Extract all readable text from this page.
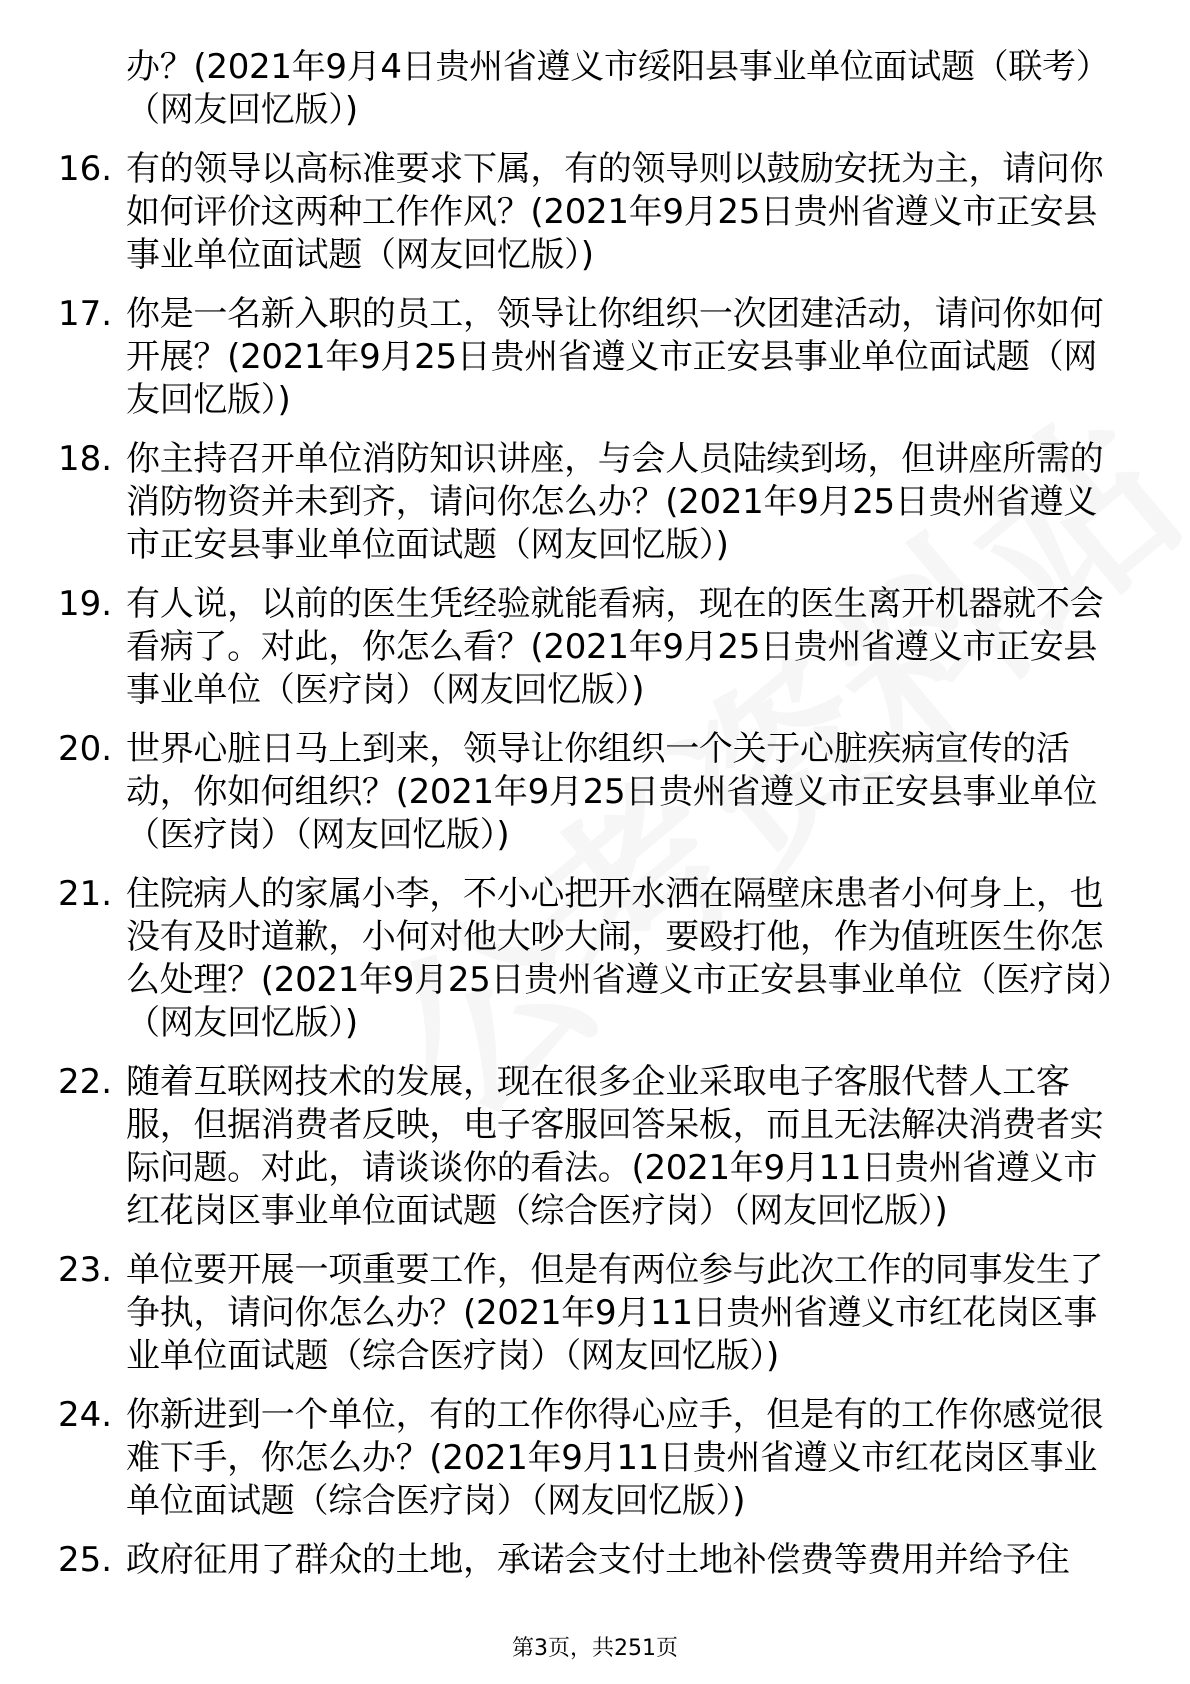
办？(2021年9月4日贵州省遵义市绥阳县事业单位面试题（联考）（网友回忆版）)
16. 有的领导以高标准要求下属，有的领导则以鼓励安抚为主，请问你如何评价这两种工作作风？(2021年9月25日贵州省遵义市正安县事业单位面试题（网友回忆版）)
17. 你是一名新入职的员工，领导让你组织一次团建活动，请问你如何开展？(2021年9月25日贵州省遵义市正安县事业单位面试题（网友回忆版）)
18. 你主持召开单位消防知识讲座，与会人员陆续到场，但讲座所需的消防物资并未到齐，请问你怎么办？(2021年9月25日贵州省遵义市正安县事业单位面试题（网友回忆版）)
19. 有人说，以前的医生凭经验就能看病，现在的医生离开机器就不会看病了。对此，你怎么看？(2021年9月25日贵州省遵义市正安县事业单位（医疗岗）（网友回忆版）)
20. 世界心脏日马上到来，领导让你组织一个关于心脏疾病宣传的活动，你如何组织？(2021年9月25日贵州省遵义市正安县事业单位（医疗岗）（网友回忆版）)
21. 住院病人的家属小李，不小心把开水洒在隔壁床患者小何身上，也没有及时道歉，小何对他大吵大闹，要殴打他，作为值班医生你怎么处理？(2021年9月25日贵州省遵义市正安县事业单位（医疗岗）（网友回忆版）)
22. 随着互联网技术的发展，现在很多企业采取电子客服代替人工客服，但据消费者反映，电子客服回答呆板，而且无法解决消费者实际问题。对此，请谈谈你的看法。(2021年9月11日贵州省遵义市红花岗区事业单位面试题（综合医疗岗）（网友回忆版）)
23. 单位要开展一项重要工作，但是有两位参与此次工作的同事发生了争执，请问你怎么办？(2021年9月11日贵州省遵义市红花岗区事业单位面试题（综合医疗岗）（网友回忆版）)
24. 你新进到一个单位，有的工作你得心应手，但是有的工作你感觉很难下手，你怎么办？(2021年9月11日贵州省遵义市红花岗区事业单位面试题（综合医疗岗）（网友回忆版）)
25. 政府征用了群众的土地，承诺会支付土地补偿费等费用并给予住
第3页，共251页
